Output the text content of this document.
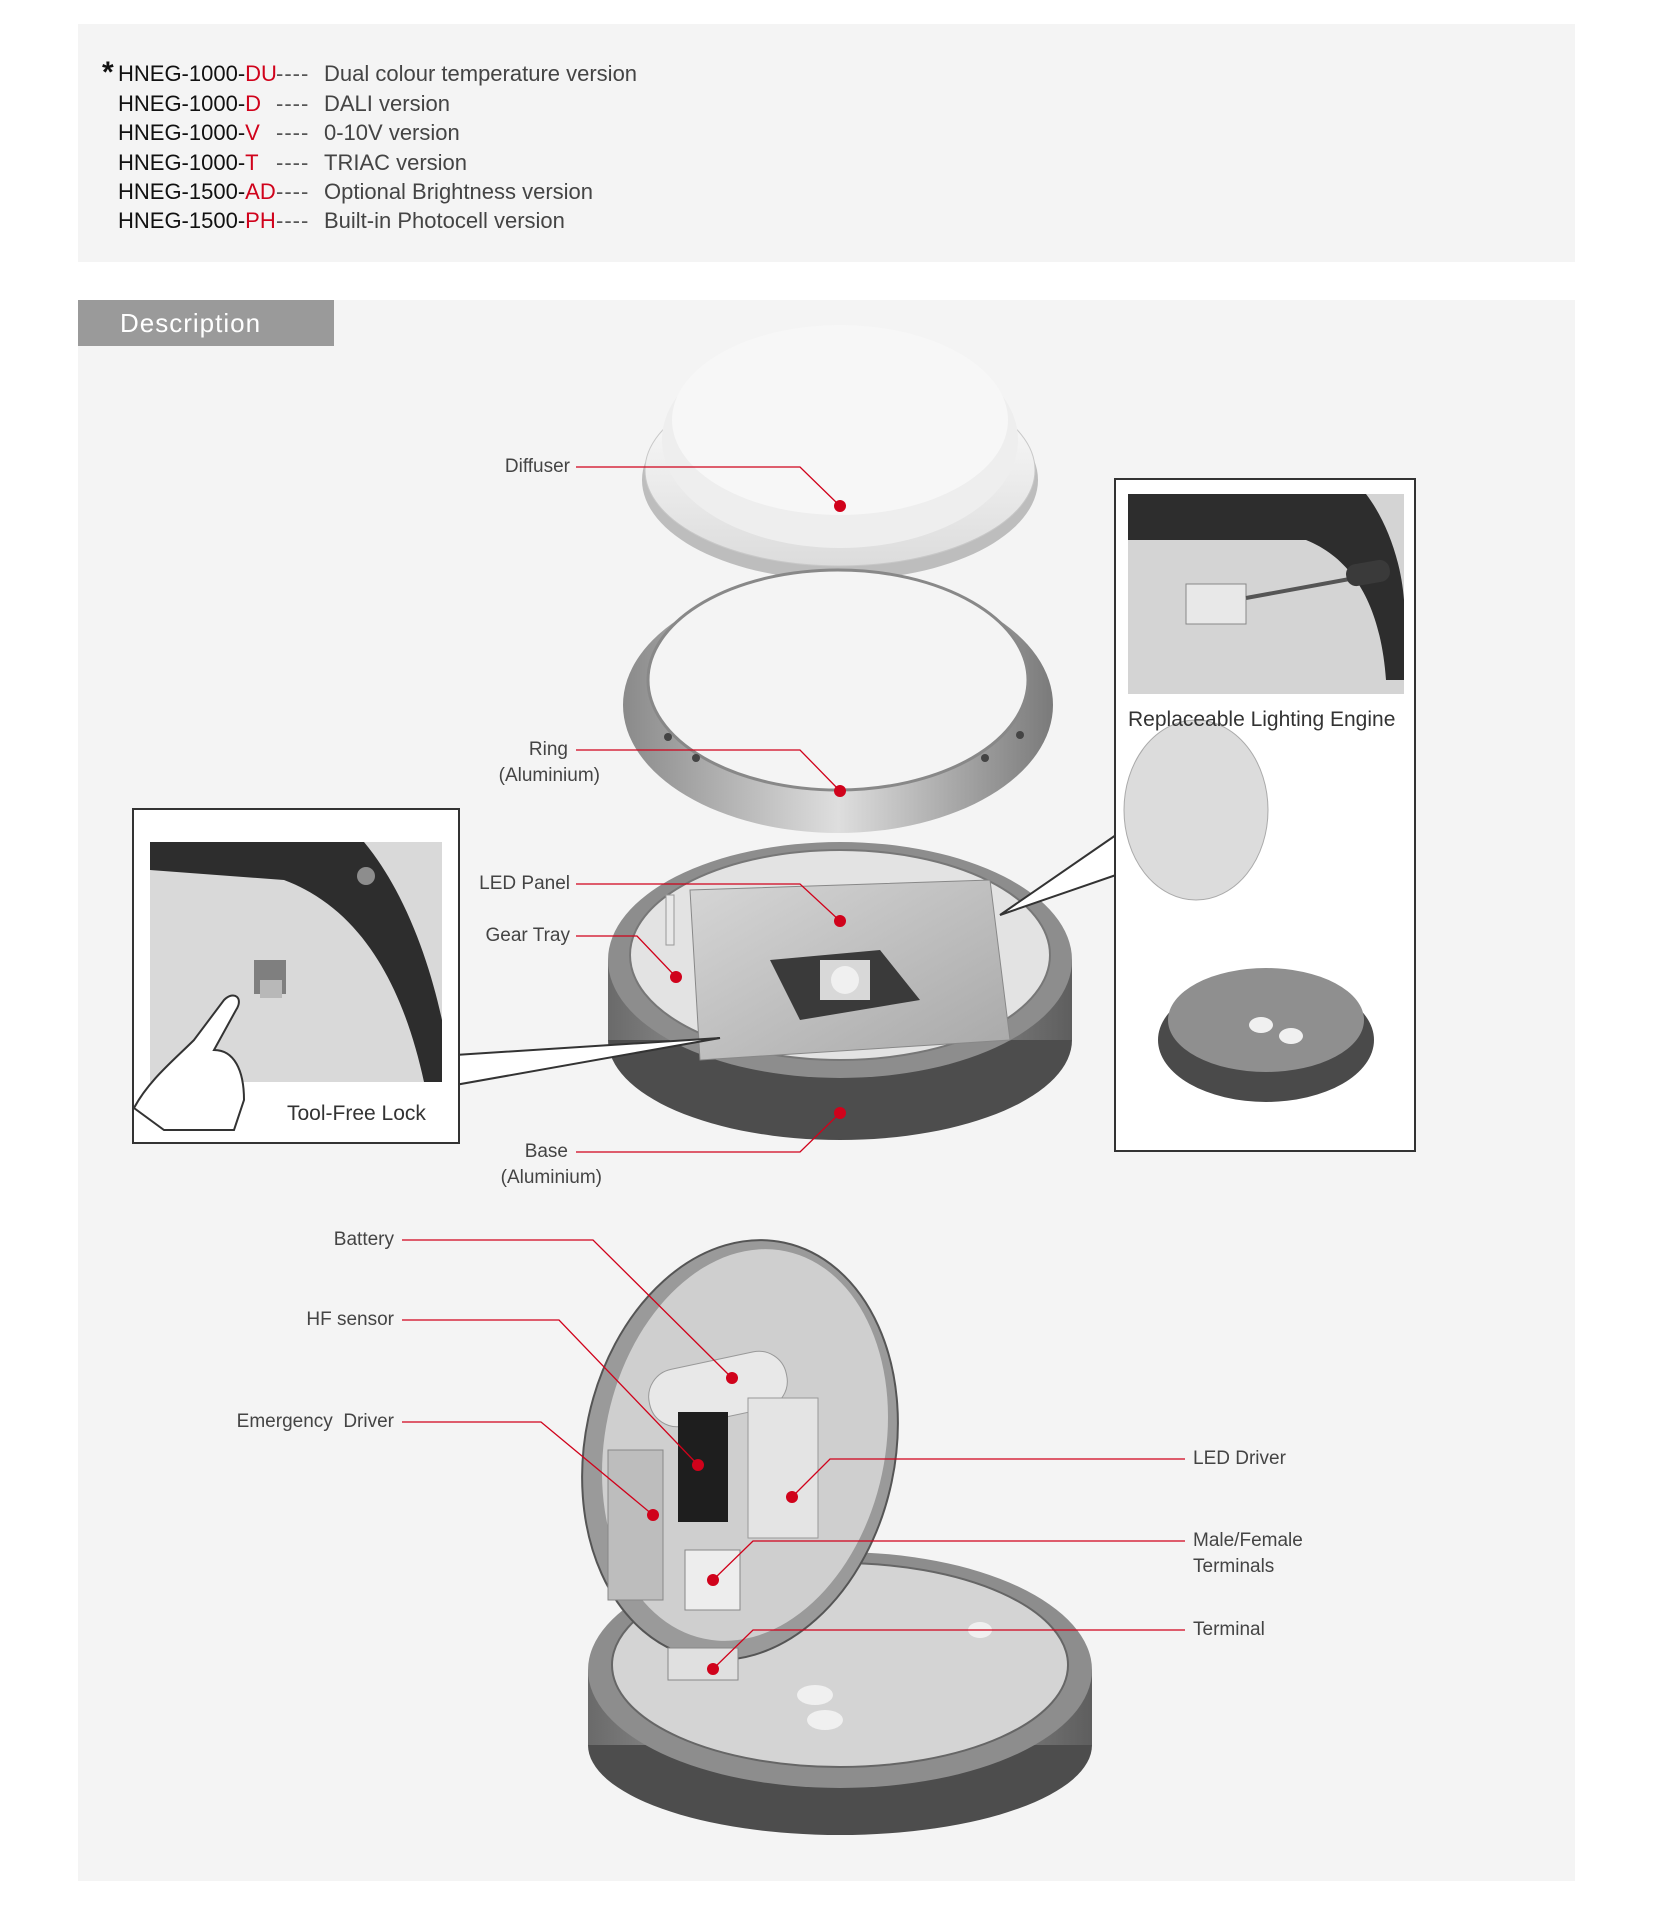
* HNEG-1000-DU---- Dual colour temperature version
HNEG-1000-D ---- DALI version
HNEG-1000-V ---- 0-10V version
HNEG-1000-T ---- TRIAC version
HNEG-1500-AD---- Optional Brightness version
HNEG-1500-PH---- Built-in Photocell version
Description
Tool-Free Lock
Replaceable Lighting Engine
Diffuser
Ring
(Aluminium)
LED Panel
Gear Tray
Base
(Aluminium)
Battery
HF sensor
Emergency  Driver
LED Driver
Male/Female
Terminals
Terminal
